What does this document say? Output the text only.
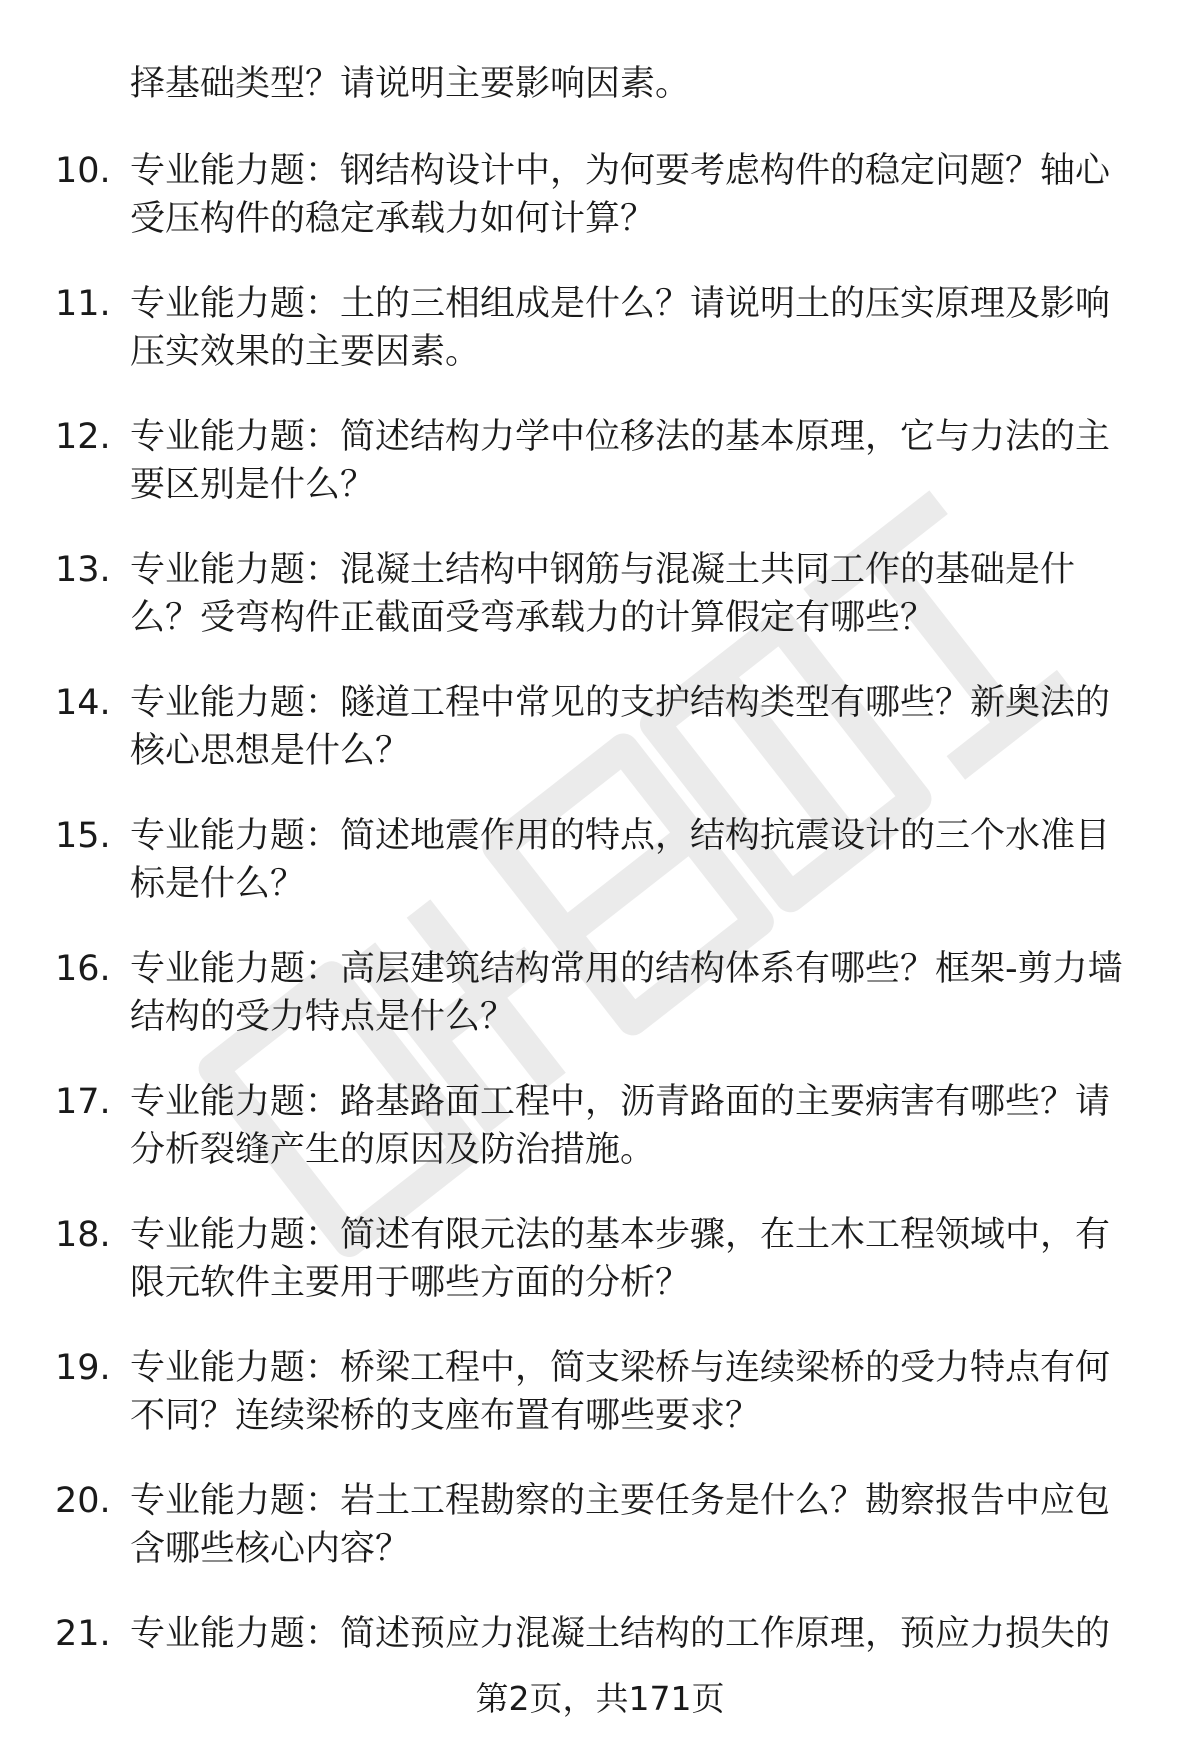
择基础类型？请说明主要影响因素。
10. 专业能力题：钢结构设计中，为何要考虑构件的稳定问题？轴心
受压构件的稳定承载力如何计算？
11. 专业能力题：土的三相组成是什么？请说明土的压实原理及影响
压实效果的主要因素。
12. 专业能力题：简述结构力学中位移法的基本原理，它与力法的主
要区别是什么？
13. 专业能力题：混凝土结构中钢筋与混凝土共同工作的基础是什
么？受弯构件正截面受弯承载力的计算假定有哪些？
14. 专业能力题：隧道工程中常见的支护结构类型有哪些？新奥法的
核心思想是什么？
15. 专业能力题：简述地震作用的特点，结构抗震设计的三个水准目
标是什么？
16. 专业能力题：高层建筑结构常用的结构体系有哪些？框架-剪力墙
结构的受力特点是什么？
17. 专业能力题：路基路面工程中，沥青路面的主要病害有哪些？请
分析裂缝产生的原因及防治措施。
18. 专业能力题：简述有限元法的基本步骤，在土木工程领域中，有
限元软件主要用于哪些方面的分析？
19. 专业能力题：桥梁工程中，简支梁桥与连续梁桥的受力特点有何
不同？连续梁桥的支座布置有哪些要求？
20. 专业能力题：岩土工程勘察的主要任务是什么？勘察报告中应包
含哪些核心内容？
21. 专业能力题：简述预应力混凝土结构的工作原理，预应力损失的
第2页，共171页
